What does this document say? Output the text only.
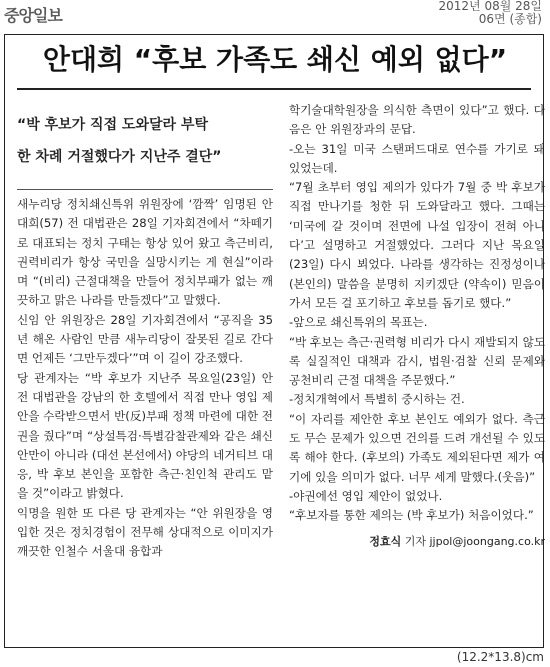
중앙일보	2012년 08월 28일
06면 (종합)
안대희 “후보 가족도 쇄신 예외 없다”
“박 후보가 직접 도와달라 부탁
한 차례 거절했다가 지난주 결단”

새누리당 정치쇄신특위 위원장에 ‘깜짝’ 임명된 안대희(57) 전 대법관은 28일 기자회견에서 “차떼기로 대표되는 정치 구태는 항상 있어 왔고 측근비리, 권력비리가 항상 국민을 실망시키는 게 현실”이라며 “(비리) 근절대책을 만들어 정치부패가 없는 깨끗하고 맑은 나라를 만들겠다”고 말했다.

신임 안 위원장은 28일 기자회견에서 “공직을 35년 해온 사람인 만큼 새누리당이 잘못된 길로 간다면 언제든 ‘그만두겠다’”며 이 길이 강조했다.

당 관계자는 “박 후보가 지난주 목요일(23일) 안 전 대법관을 강남의 한 호텔에서 직접 만나 영입 제안을 수락받으면서 반(反)부패 정책 마련에 대한 전권을 줬다”며 “상설특검·특별감찰관제와 같은 쇄신안만이 아니라 (대선 본선에서) 야당의 네거티브 대응, 박 후보 본인을 포함한 측근·친인척 관리도 맡을 것”이라고 밝혔다.

익명을 원한 또 다른 당 관계자는 “안 위원장을 영입한 것은 정치경험이 전무해 상대적으로 이미지가 깨끗한 인철수 서울대 융합과

학기술대학원장을 의식한 측면이 있다”고 했다. 다음은 안 위원장과의 문답.

-오는 31일 미국 스탠퍼드대로 연수를 가기로 돼 있었는데.

“7월 초부터 영입 제의가 있다가 7월 중 박 후보가 직접 만나기를 청한 뒤 도와달라고 했다. 그때는 ‘미국에 갈 것이며 전면에 나설 입장이 전혀 아니다’고 설명하고 거절했었다. 그러다 지난 목요일(23일) 다시 뵈었다. 나라를 생각하는 진정성이나 (본인의) 말씀을 분명히 지키겠단 (약속이) 믿음이 가서 모든 걸 포기하고 후보를 돕기로 했다.”

-앞으로 쇄신특위의 목표는.

“박 후보는 측근·권력형 비리가 다시 재발되지 않도록 실질적인 대책과 감시, 법원·검찰 신뢰 문제와 공천비리 근절 대책을 주문했다.”

-정치개혁에서 특별히 중시하는 건.

“이 자리를 제안한 후보 본인도 예외가 없다. 측근도 무슨 문제가 있으면 건의를 드려 개선될 수 있도록 해야 한다. (후보의) 가족도 제외된다면 제가 여기에 있을 의미가 없다. 너무 세게 말했다.(웃음)”

-야권에선 영입 제안이 없었나.

“후보자를 통한 제의는 (박 후보가) 처음이었다.”

정효식 기자 jjpol@joongang.co.kr
(12.2*13.8)cm
